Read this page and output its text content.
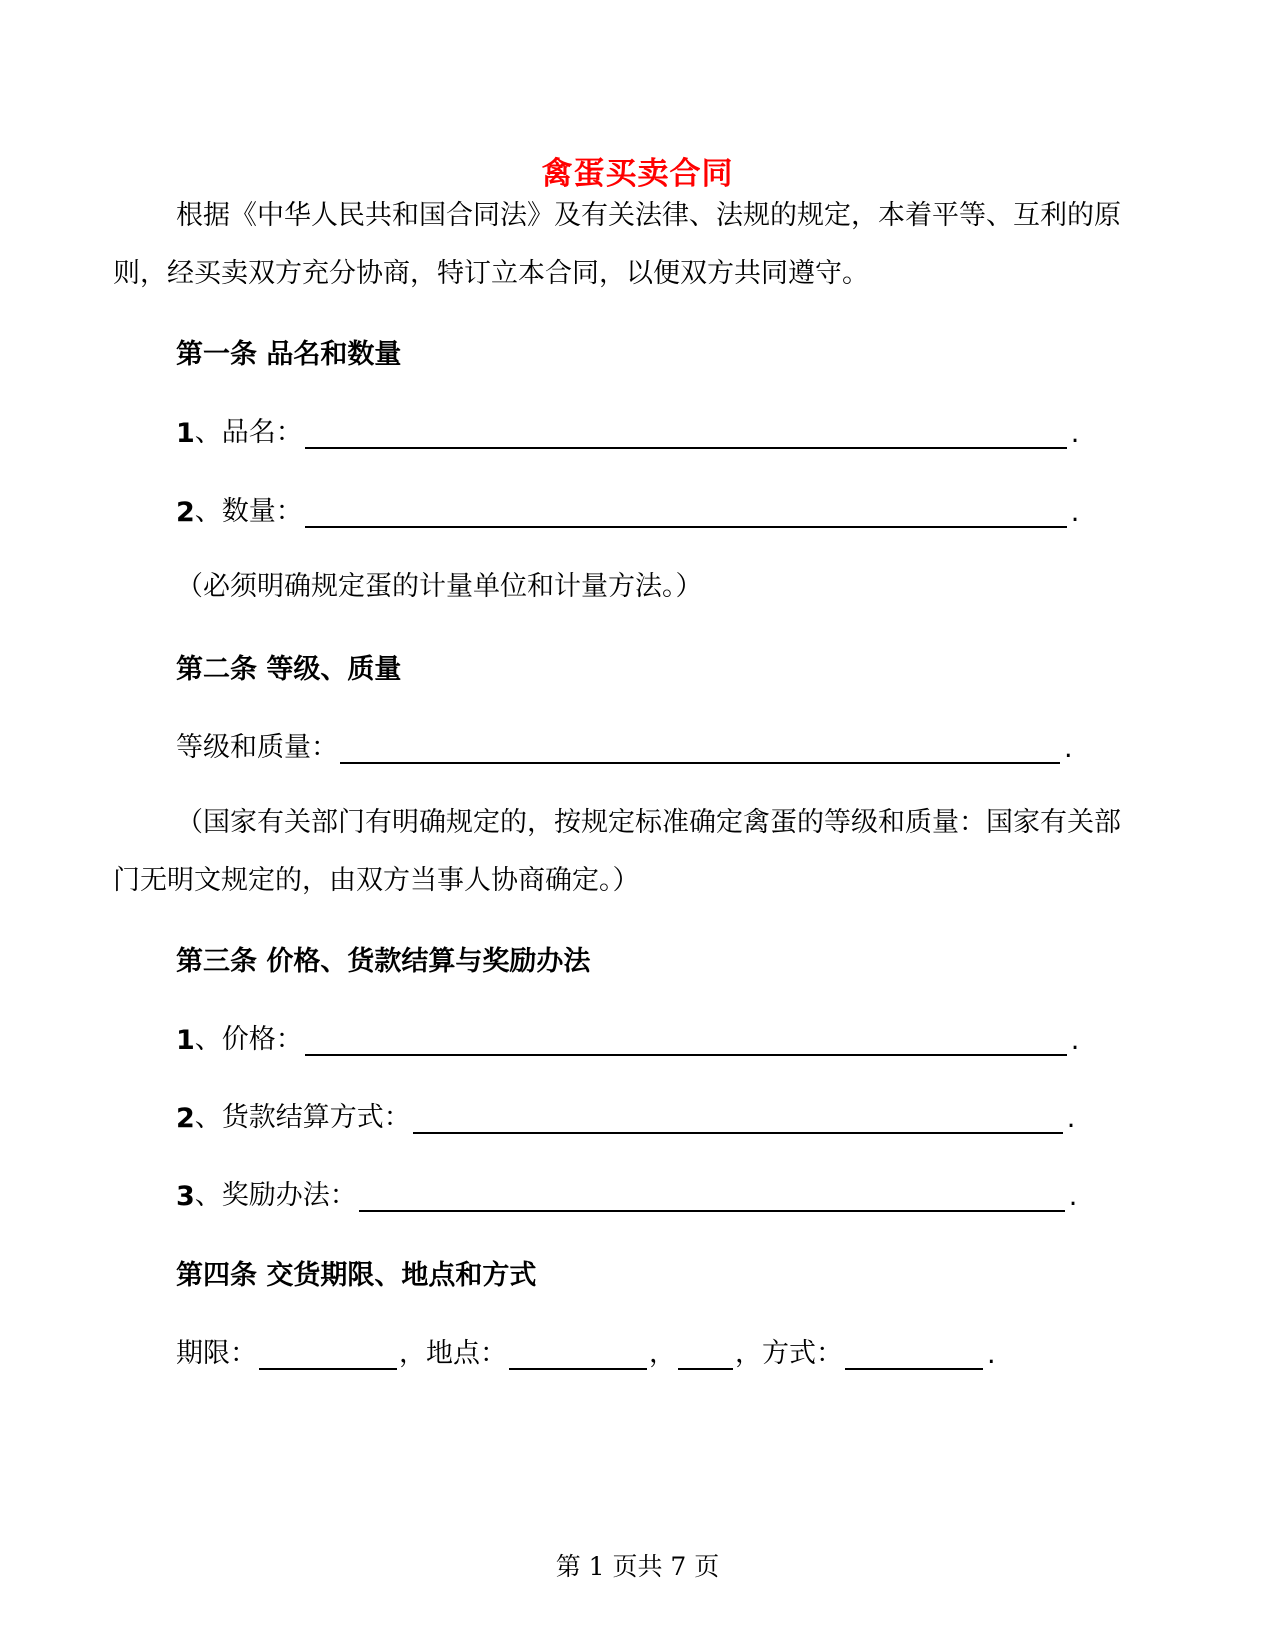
禽蛋买卖合同

根据《中华人民共和国合同法》及有关法律、法规的规定，本着平等、互利的原则，经买卖双方充分协商，特订立本合同，以便双方共同遵守。

第一条 品名和数量
1 、品名：	.
2 、数量：	.

（必须明确规定蛋的计量单位和计量方法。）

第二条 等级、质量
等级和质量：	.

（国家有关部门有明确规定的，按规定标准确定禽蛋的等级和质量：国家有关部门无明文规定的，由双方当事人协商确定。）

第三条 价格、货款结算与奖励办法
1 、价格：	.
2 、货款结算方式：	.
3 、奖励办法：	.
第四条 交货期限、地点和方式
期限：	，地点：	， ，方式：	.
第 1 页共 7 页
